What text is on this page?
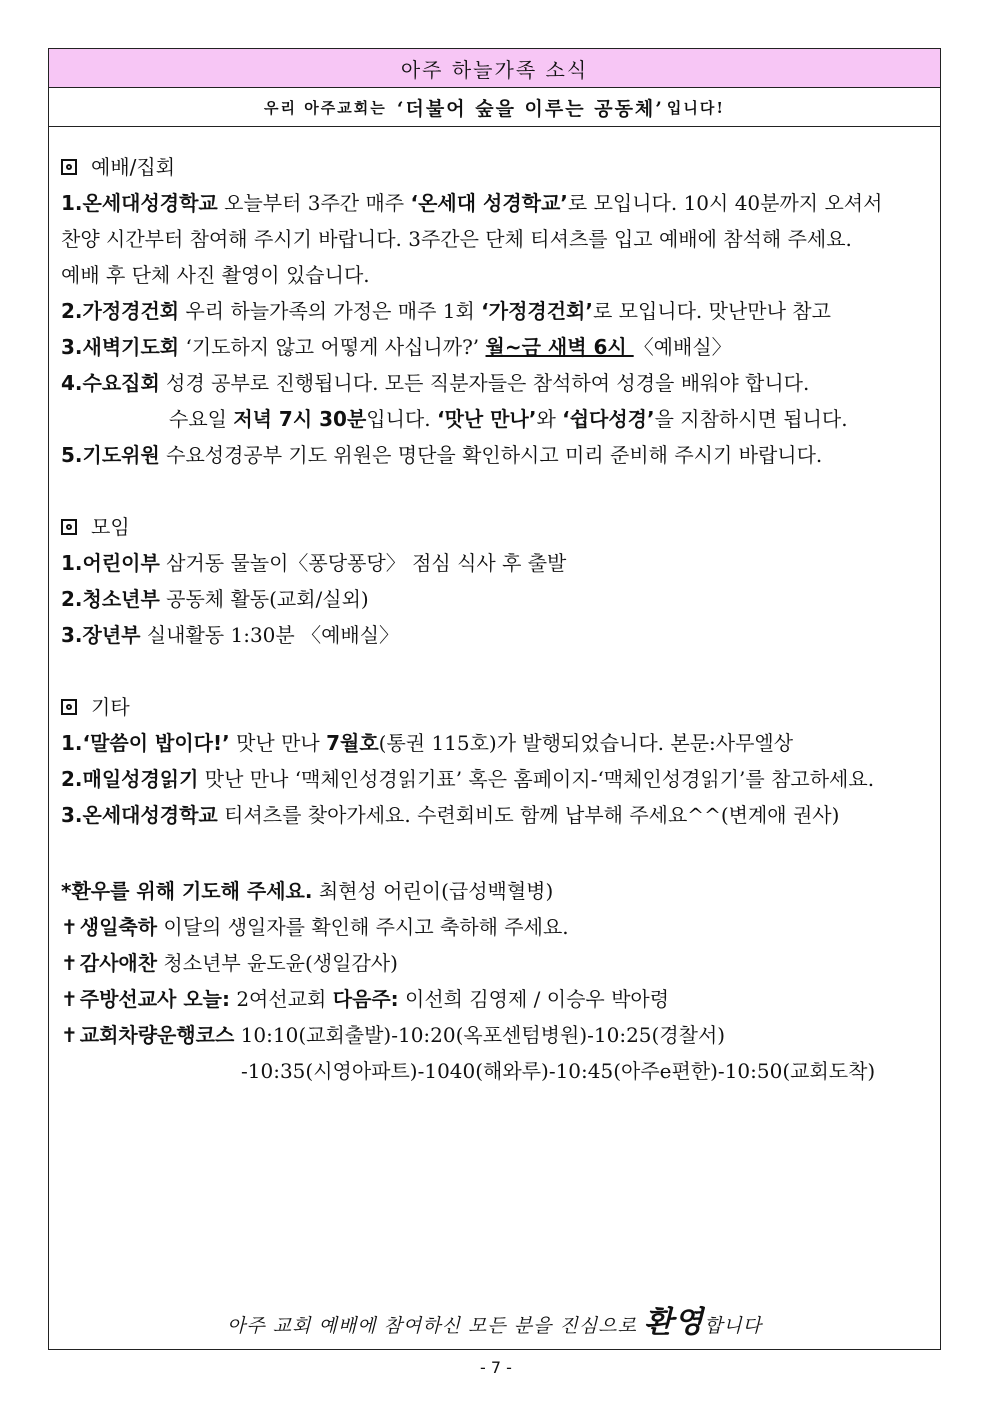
아주 하늘가족 소식
우리 아주교회는
‘더불어 숲을 이루는 공동체’ 입니다!
예배/집회
1.온세대성경학교 오늘부터 3주간 매주 ‘온세대 성경학교’로 모입니다. 10시 40분까지 오셔서
찬양 시간부터 참여해 주시기 바랍니다. 3주간은 단체 티셔츠를 입고 예배에 참석해 주세요.
예배 후 단체 사진 촬영이 있습니다.
2.가정경건회 우리 하늘가족의 가정은 매주 1회 ‘가정경건회’로 모입니다. 맛난만나 참고
3.새벽기도회 ‘기도하지 않고 어떻게 사십니까?’ 월~금 새벽 6시 〈예배실〉
4.수요집회 성경 공부로 진행됩니다. 모든 직분자들은 참석하여 성경을 배워야 합니다.
수요일 저녁 7시 30분입니다. ‘맛난 만나’와 ‘쉽다성경’을 지참하시면 됩니다.
5.기도위원 수요성경공부 기도 위원은 명단을 확인하시고 미리 준비해 주시기 바랍니다.
모임
1.어린이부 삼거동 물놀이〈퐁당퐁당〉 점심 식사 후 출발
2.청소년부 공동체 활동(교회/실외)
3.장년부 실내활동 1:30분 〈예배실〉
기타
1.‘말씀이 밥이다!’ 맛난 만나 7월호(통권 115호)가 발행되었습니다. 본문:사무엘상
2.매일성경읽기 맛난 만나 ‘맥체인성경읽기표’ 혹은 홈페이지-‘맥체인성경읽기’를 참고하세요.
3.온세대성경학교 티셔츠를 찾아가세요. 수련회비도 함께 납부해 주세요^^(변계애 권사)
*환우를 위해 기도해 주세요. 최현성 어린이(급성백혈병)
✝ 생일축하 이달의 생일자를 확인해 주시고 축하해 주세요.
✝ 감사애찬 청소년부 윤도윤(생일감사)
✝ 주방선교사 오늘: 2여선교회 다음주: 이선희 김영제 / 이승우 박아령
✝ 교회차량운행코스 10:10(교회출발)-10:20(옥포센텀병원)-10:25(경찰서)
-10:35(시영아파트)-1040(해와루)-10:45(아주e편한)-10:50(교회도착)
아주 교회 예배에 참여하신 모든 분을 진심으로 환영합니다
- 7 -
